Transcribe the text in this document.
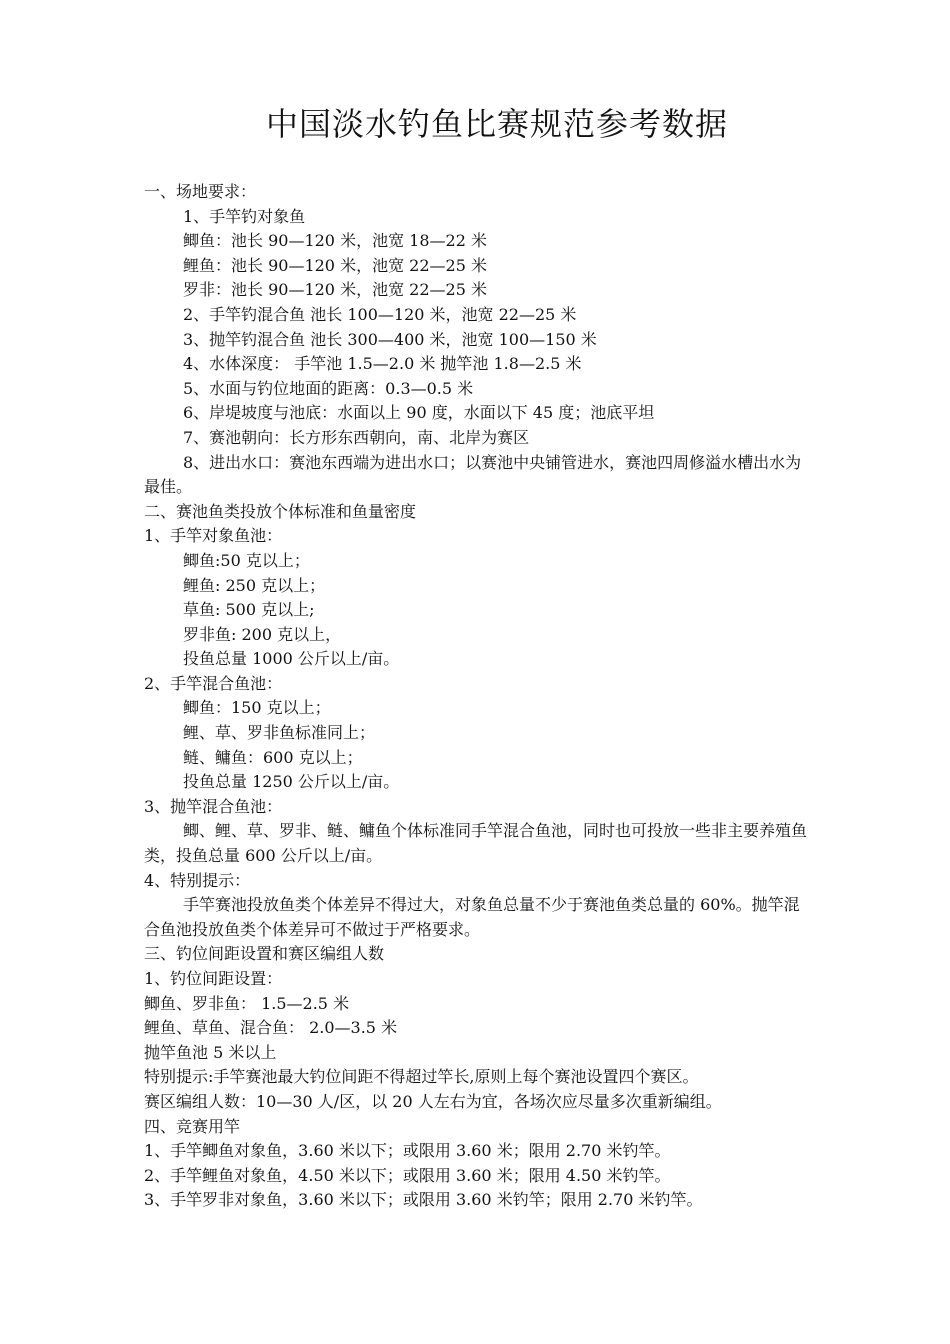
中国淡水钓鱼比赛规范参考数据
一、场地要求：
1、手竿钓对象鱼
鲫鱼：池长 90—120 米，池宽 18—22 米
鲤鱼：池长 90—120 米，池宽 22—25 米
罗非：池长 90—120 米，池宽 22—25 米
2、手竿钓混合鱼 池长 100—120 米，池宽 22—25 米
3、抛竿钓混合鱼 池长 300—400 米，池宽 100—150 米
4、水体深度： 手竿池 1.5—2.0 米 抛竿池 1.8—2.5 米
5、水面与钓位地面的距离：0.3—0.5 米
6、岸堤坡度与池底：水面以上 90 度，水面以下 45 度；池底平坦
7、赛池朝向：长方形东西朝向，南、北岸为赛区
8、进出水口：赛池东西端为进出水口；以赛池中央铺管进水，赛池四周修溢水槽出水为最佳。
二、赛池鱼类投放个体标准和鱼量密度
1、手竿对象鱼池：
鲫鱼:50 克以上；
鲤鱼: 250 克以上；
草鱼: 500 克以上;
罗非鱼: 200 克以上，
投鱼总量 1000 公斤以上/亩。
2、手竿混合鱼池：
鲫鱼：150 克以上；
鲤、草、罗非鱼标准同上；
鲢、鳙鱼：600 克以上；
投鱼总量 1250 公斤以上/亩。
3、抛竿混合鱼池：
鲫、鲤、草、罗非、鲢、鳙鱼个体标准同手竿混合鱼池，同时也可投放一些非主要养殖鱼类，投鱼总量 600 公斤以上/亩。
4、特别提示：
手竿赛池投放鱼类个体差异不得过大，对象鱼总量不少于赛池鱼类总量的 60%。抛竿混合鱼池投放鱼类个体差异可不做过于严格要求。
三、钓位间距设置和赛区编组人数
1、钓位间距设置：
鲫鱼、罗非鱼： 1.5—2.5 米
鲤鱼、草鱼、混合鱼： 2.0—3.5 米
抛竿鱼池 5 米以上
特别提示:手竿赛池最大钓位间距不得超过竿长,原则上每个赛池设置四个赛区。
赛区编组人数：10—30 人/区，以 20 人左右为宜，各场次应尽量多次重新编组。
四、竞赛用竿
1、手竿鲫鱼对象鱼，3.60 米以下；或限用 3.60 米；限用 2.70 米钓竿。
2、手竿鲤鱼对象鱼，4.50 米以下；或限用 3.60 米；限用 4.50 米钓竿。
3、手竿罗非对象鱼，3.60 米以下；或限用 3.60 米钓竿；限用 2.70 米钓竿。
